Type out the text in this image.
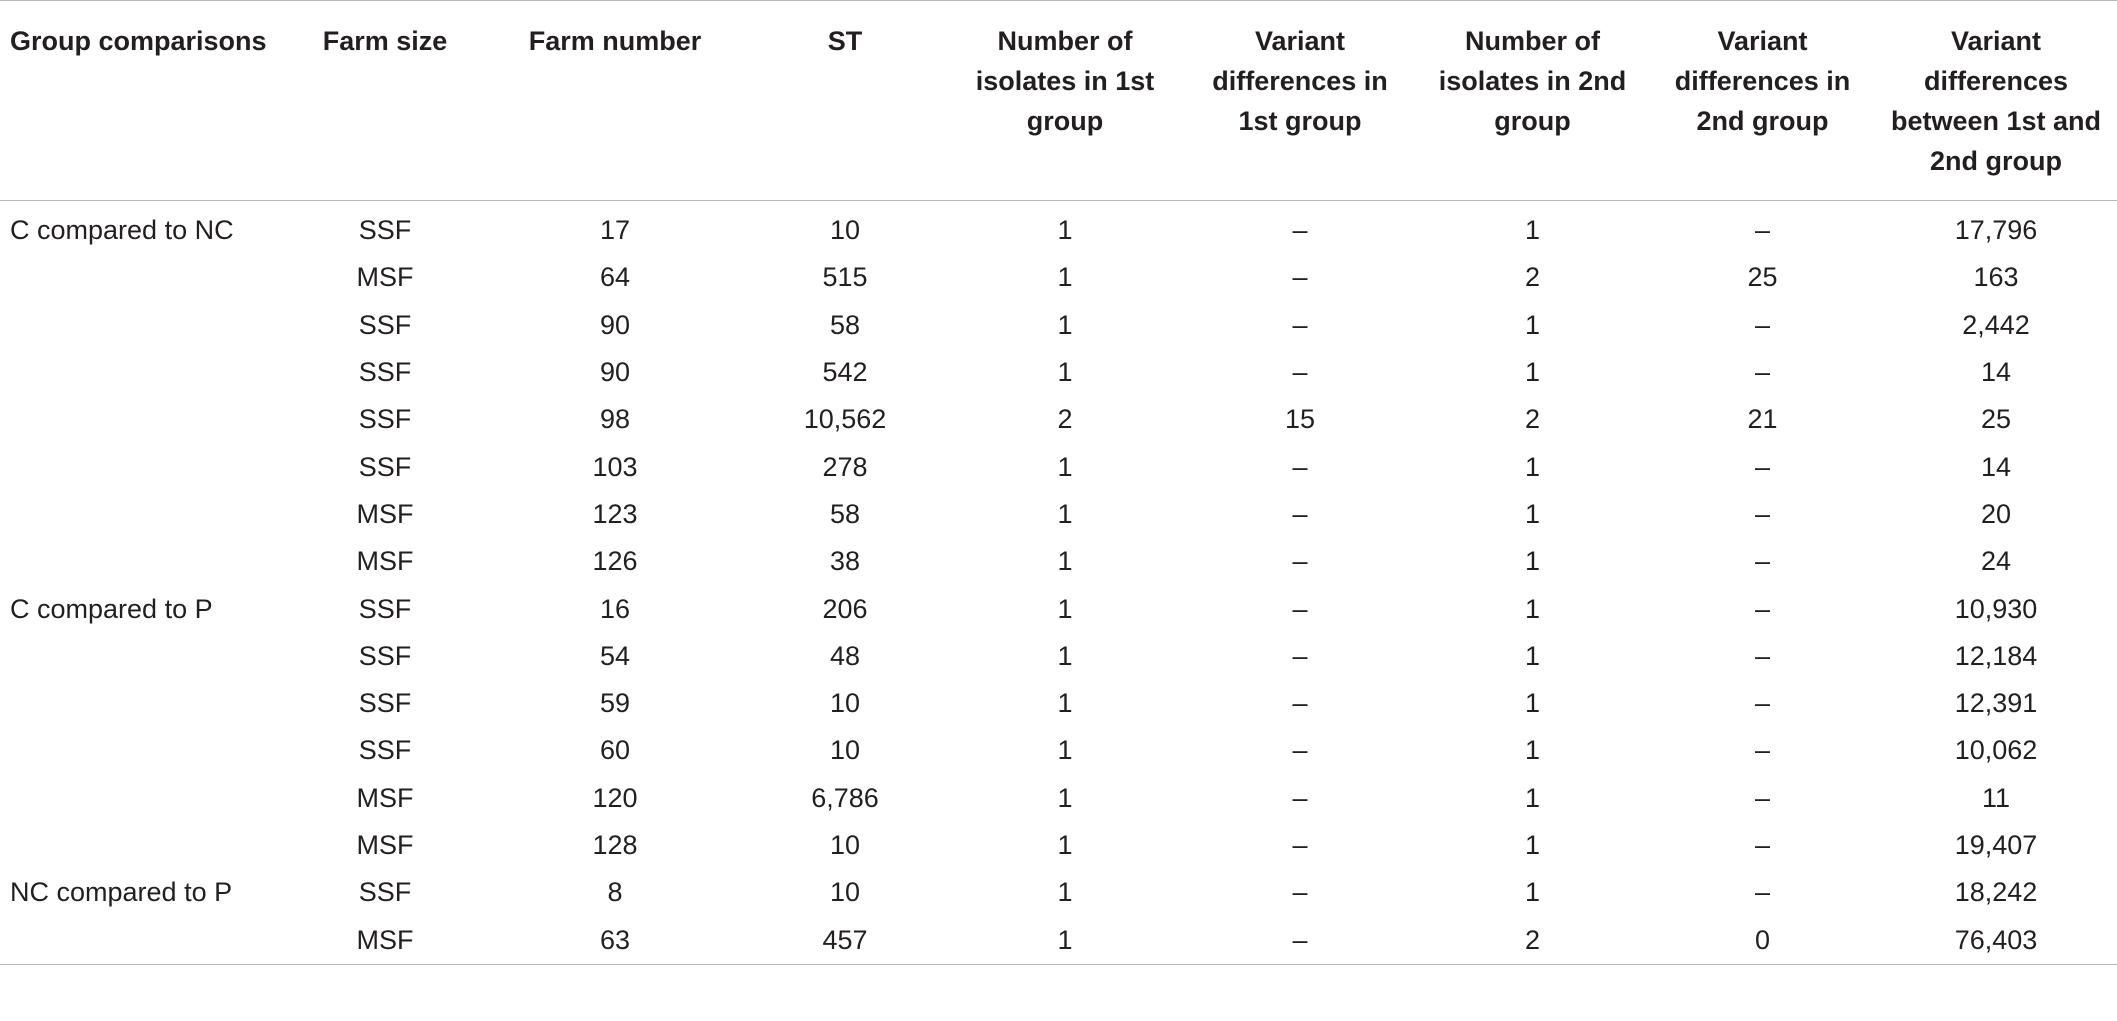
Group comparisons	Farm size	Farm number	ST	Number of isolates in 1st group	Variant differences in 1st group	Number of isolates in 2nd group	Variant differences in 2nd group	Variant differences between 1st and 2nd group
C compared to NC	SSF	17	10	1	–	1	–	17,796
	MSF	64	515	1	–	2	25	163
	SSF	90	58	1	–	1	–	2,442
	SSF	90	542	1	–	1	–	14
	SSF	98	10,562	2	15	2	21	25
	SSF	103	278	1	–	1	–	14
	MSF	123	58	1	–	1	–	20
	MSF	126	38	1	–	1	–	24
C compared to P	SSF	16	206	1	–	1	–	10,930
	SSF	54	48	1	–	1	–	12,184
	SSF	59	10	1	–	1	–	12,391
	SSF	60	10	1	–	1	–	10,062
	MSF	120	6,786	1	–	1	–	11
	MSF	128	10	1	–	1	–	19,407
NC compared to P	SSF	8	10	1	–	1	–	18,242
	MSF	63	457	1	–	2	0	76,403
